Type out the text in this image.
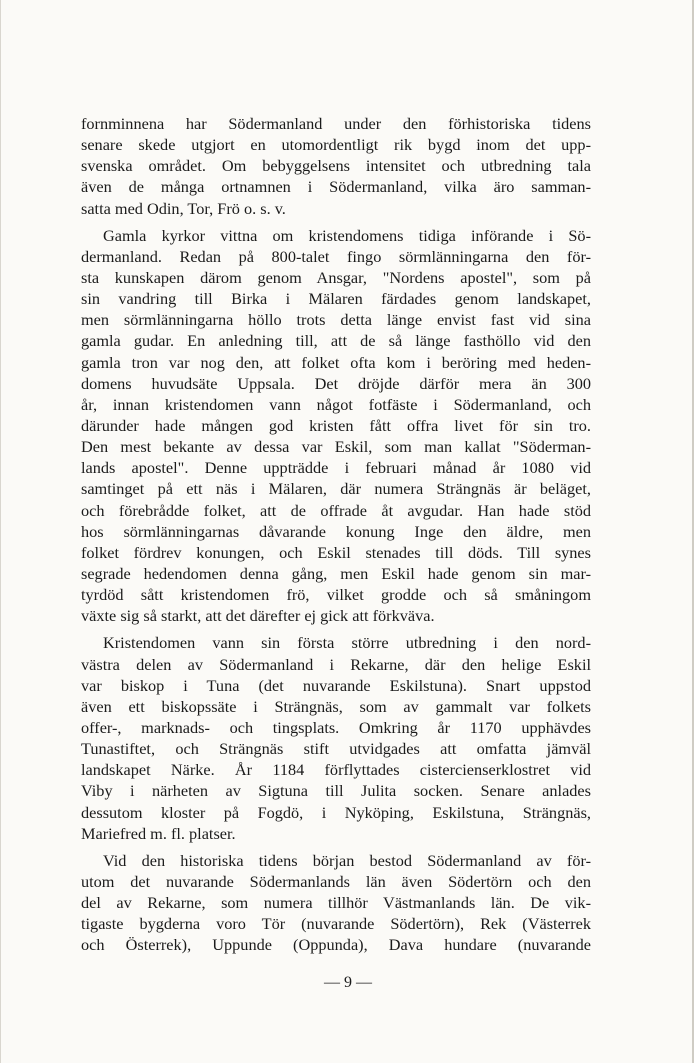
fornminnena har Södermanland under den förhistoriska tidens
senare skede utgjort en utomordentligt rik bygd inom det upp-
svenska området. Om bebyggelsens intensitet och utbredning tala
även de många ortnamnen i Södermanland, vilka äro samman-
satta med Odin, Tor, Frö o. s. v.
Gamla kyrkor vittna om kristendomens tidiga införande i Sö-
dermanland. Redan på 800-talet fingo sörmlänningarna den för-
sta kunskapen därom genom Ansgar, "Nordens apostel", som på
sin vandring till Birka i Mälaren färdades genom landskapet,
men sörmlänningarna höllo trots detta länge envist fast vid sina
gamla gudar. En anledning till, att de så länge fasthöllo vid den
gamla tron var nog den, att folket ofta kom i beröring med heden-
domens huvudsäte Uppsala. Det dröjde därför mera än 300
år, innan kristendomen vann något fotfäste i Södermanland, och
därunder hade mången god kristen fått offra livet för sin tro.
Den mest bekante av dessa var Eskil, som man kallat "Söderman-
lands apostel". Denne uppträdde i februari månad år 1080 vid
samtinget på ett näs i Mälaren, där numera Strängnäs är beläget,
och förebrådde folket, att de offrade åt avgudar. Han hade stöd
hos sörmlänningarnas dåvarande konung Inge den äldre, men
folket fördrev konungen, och Eskil stenades till döds. Till synes
segrade hedendomen denna gång, men Eskil hade genom sin mar-
tyrdöd sått kristendomen frö, vilket grodde och så småningom
växte sig så starkt, att det därefter ej gick att förkväva.
Kristendomen vann sin första större utbredning i den nord-
västra delen av Södermanland i Rekarne, där den helige Eskil
var biskop i Tuna (det nuvarande Eskilstuna). Snart uppstod
även ett biskopssäte i Strängnäs, som av gammalt var folkets
offer-, marknads- och tingsplats. Omkring år 1170 upphävdes
Tunastiftet, och Strängnäs stift utvidgades att omfatta jämväl
landskapet Närke. År 1184 förflyttades cistercienserklostret vid
Viby i närheten av Sigtuna till Julita socken. Senare anlades
dessutom kloster på Fogdö, i Nyköping, Eskilstuna, Strängnäs,
Mariefred m. fl. platser.
Vid den historiska tidens början bestod Södermanland av för-
utom det nuvarande Södermanlands län även Södertörn och den
del av Rekarne, som numera tillhör Västmanlands län. De vik-
tigaste bygderna voro Tör (nuvarande Södertörn), Rek (Västerrek
och Österrek), Uppunde (Oppunda), Dava hundare (nuvarande
— 9 —
